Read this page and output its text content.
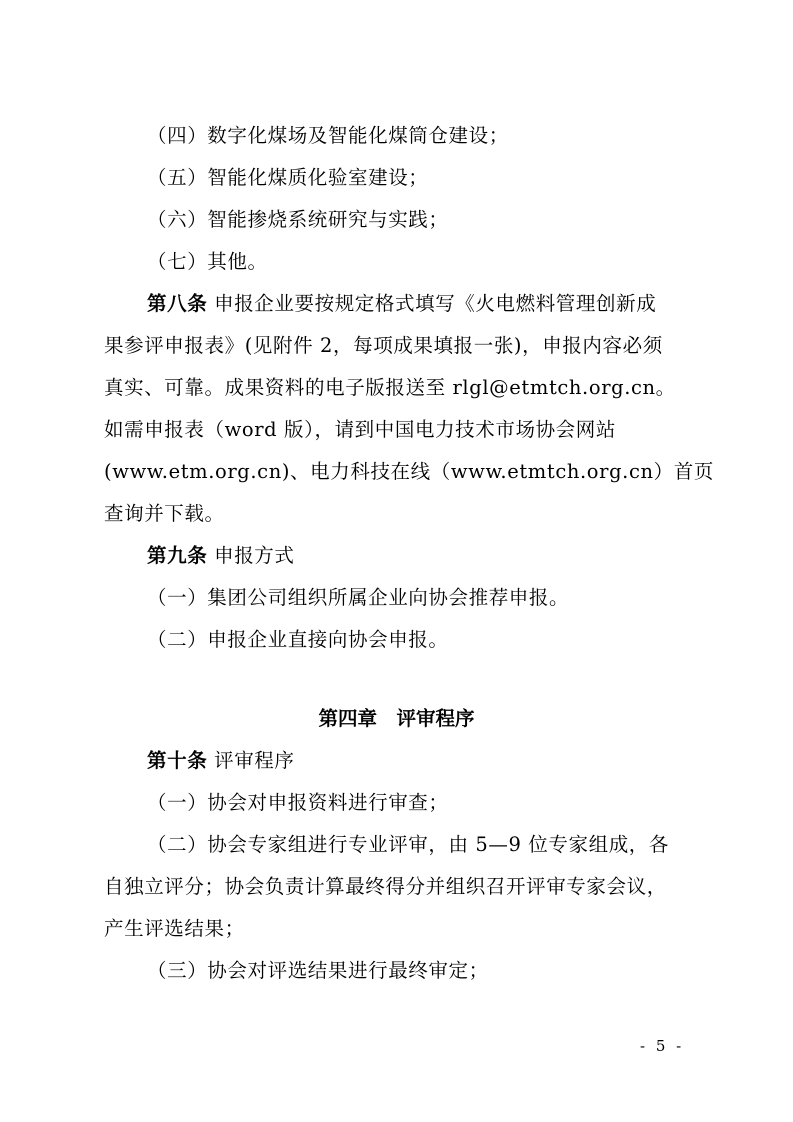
（四）数字化煤场及智能化煤筒仓建设；
（五）智能化煤质化验室建设；
（六）智能掺烧系统研究与实践；
（七）其他。
第八条 申报企业要按规定格式填写《火电燃料管理创新成
果参评申报表》(见附件 2，每项成果填报一张)，申报内容必须
真实、可靠。成果资料的电子版报送至 rlgl@etmtch.org.cn。
如需申报表（word 版），请到中国电力技术市场协会网站
(www.etm.org.cn)、电力科技在线（www.etmtch.org.cn）首页
查询并下载。
第九条 申报方式
（一）集团公司组织所属企业向协会推荐申报。
（二）申报企业直接向协会申报。
第四章　评审程序
第十条 评审程序
（一）协会对申报资料进行审查；
（二）协会专家组进行专业评审，由 5—9 位专家组成，各
自独立评分；协会负责计算最终得分并组织召开评审专家会议，
产生评选结果；
（三）协会对评选结果进行最终审定；
- 5 -
